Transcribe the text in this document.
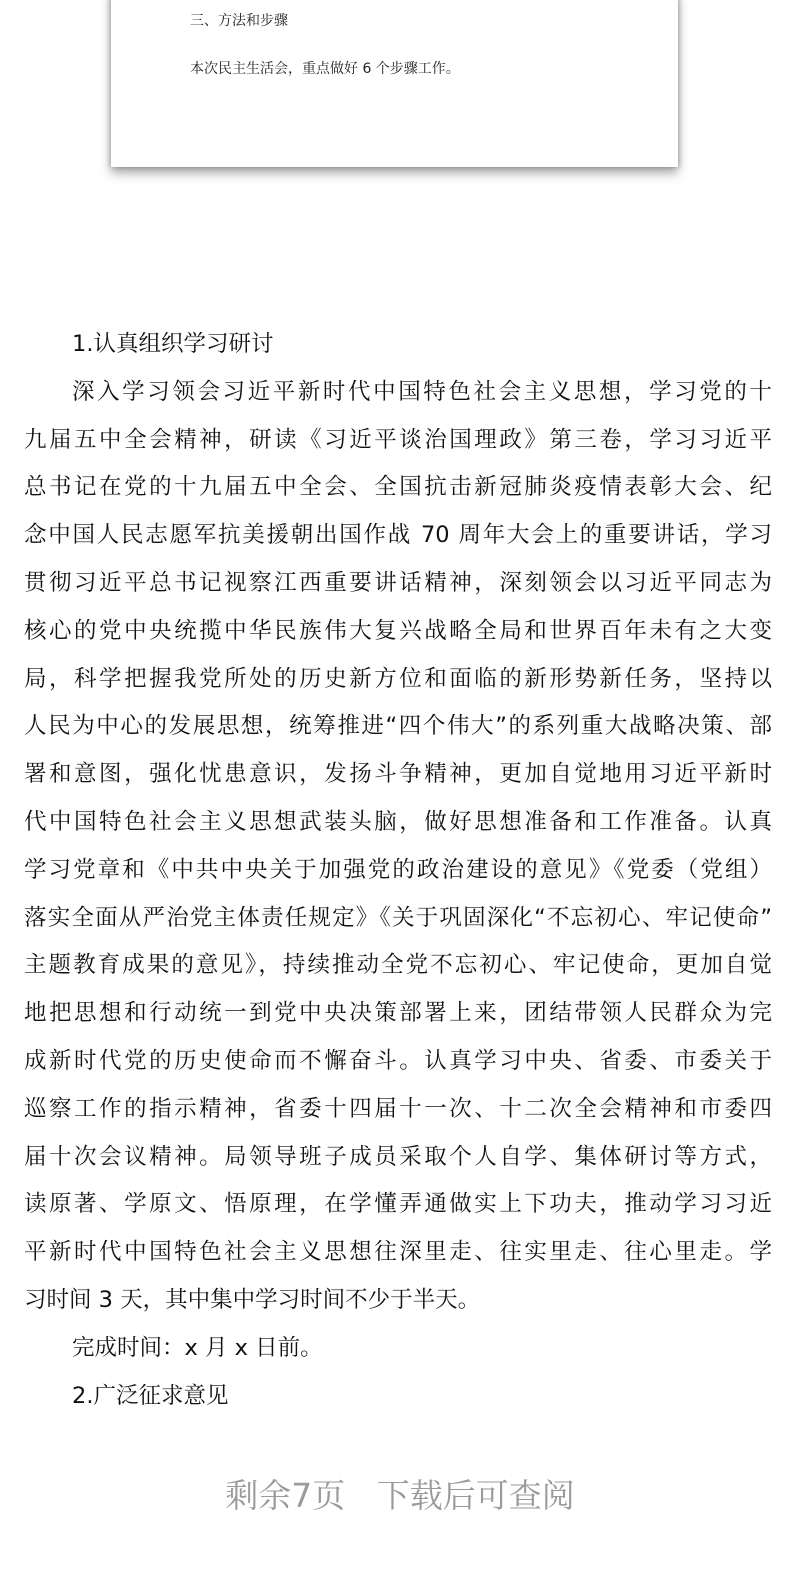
三、方法和步骤
本次民主生活会，重点做好 6 个步骤工作。
1.认真组织学习研讨
深入学习领会习近平新时代中国特色社会主义思想，学习党的十
九届五中全会精神，研读《习近平谈治国理政》第三卷，学习习近平
总书记在党的十九届五中全会、全国抗击新冠肺炎疫情表彰大会、纪
念中国人民志愿军抗美援朝出国作战 70 周年大会上的重要讲话，学习
贯彻习近平总书记视察江西重要讲话精神，深刻领会以习近平同志为
核心的党中央统揽中华民族伟大复兴战略全局和世界百年未有之大变
局，科学把握我党所处的历史新方位和面临的新形势新任务，坚持以
人民为中心的发展思想，统筹推进“四个伟大”的系列重大战略决策、部
署和意图，强化忧患意识，发扬斗争精神，更加自觉地用习近平新时
代中国特色社会主义思想武装头脑，做好思想准备和工作准备。认真
学习党章和《中共中央关于加强党的政治建设的意见》《党委（党组）
落实全面从严治党主体责任规定》《关于巩固深化“不忘初心、牢记使命”
主题教育成果的意见》，持续推动全党不忘初心、牢记使命，更加自觉
地把思想和行动统一到党中央决策部署上来，团结带领人民群众为完
成新时代党的历史使命而不懈奋斗。认真学习中央、省委、市委关于
巡察工作的指示精神，省委十四届十一次、十二次全会精神和市委四
届十次会议精神。局领导班子成员采取个人自学、集体研讨等方式，
读原著、学原文、悟原理，在学懂弄通做实上下功夫，推动学习习近
平新时代中国特色社会主义思想往深里走、往实里走、往心里走。学
习时间 3 天，其中集中学习时间不少于半天。
完成时间：x 月 x 日前。
2.广泛征求意见
剩余7页   下载后可查阅
